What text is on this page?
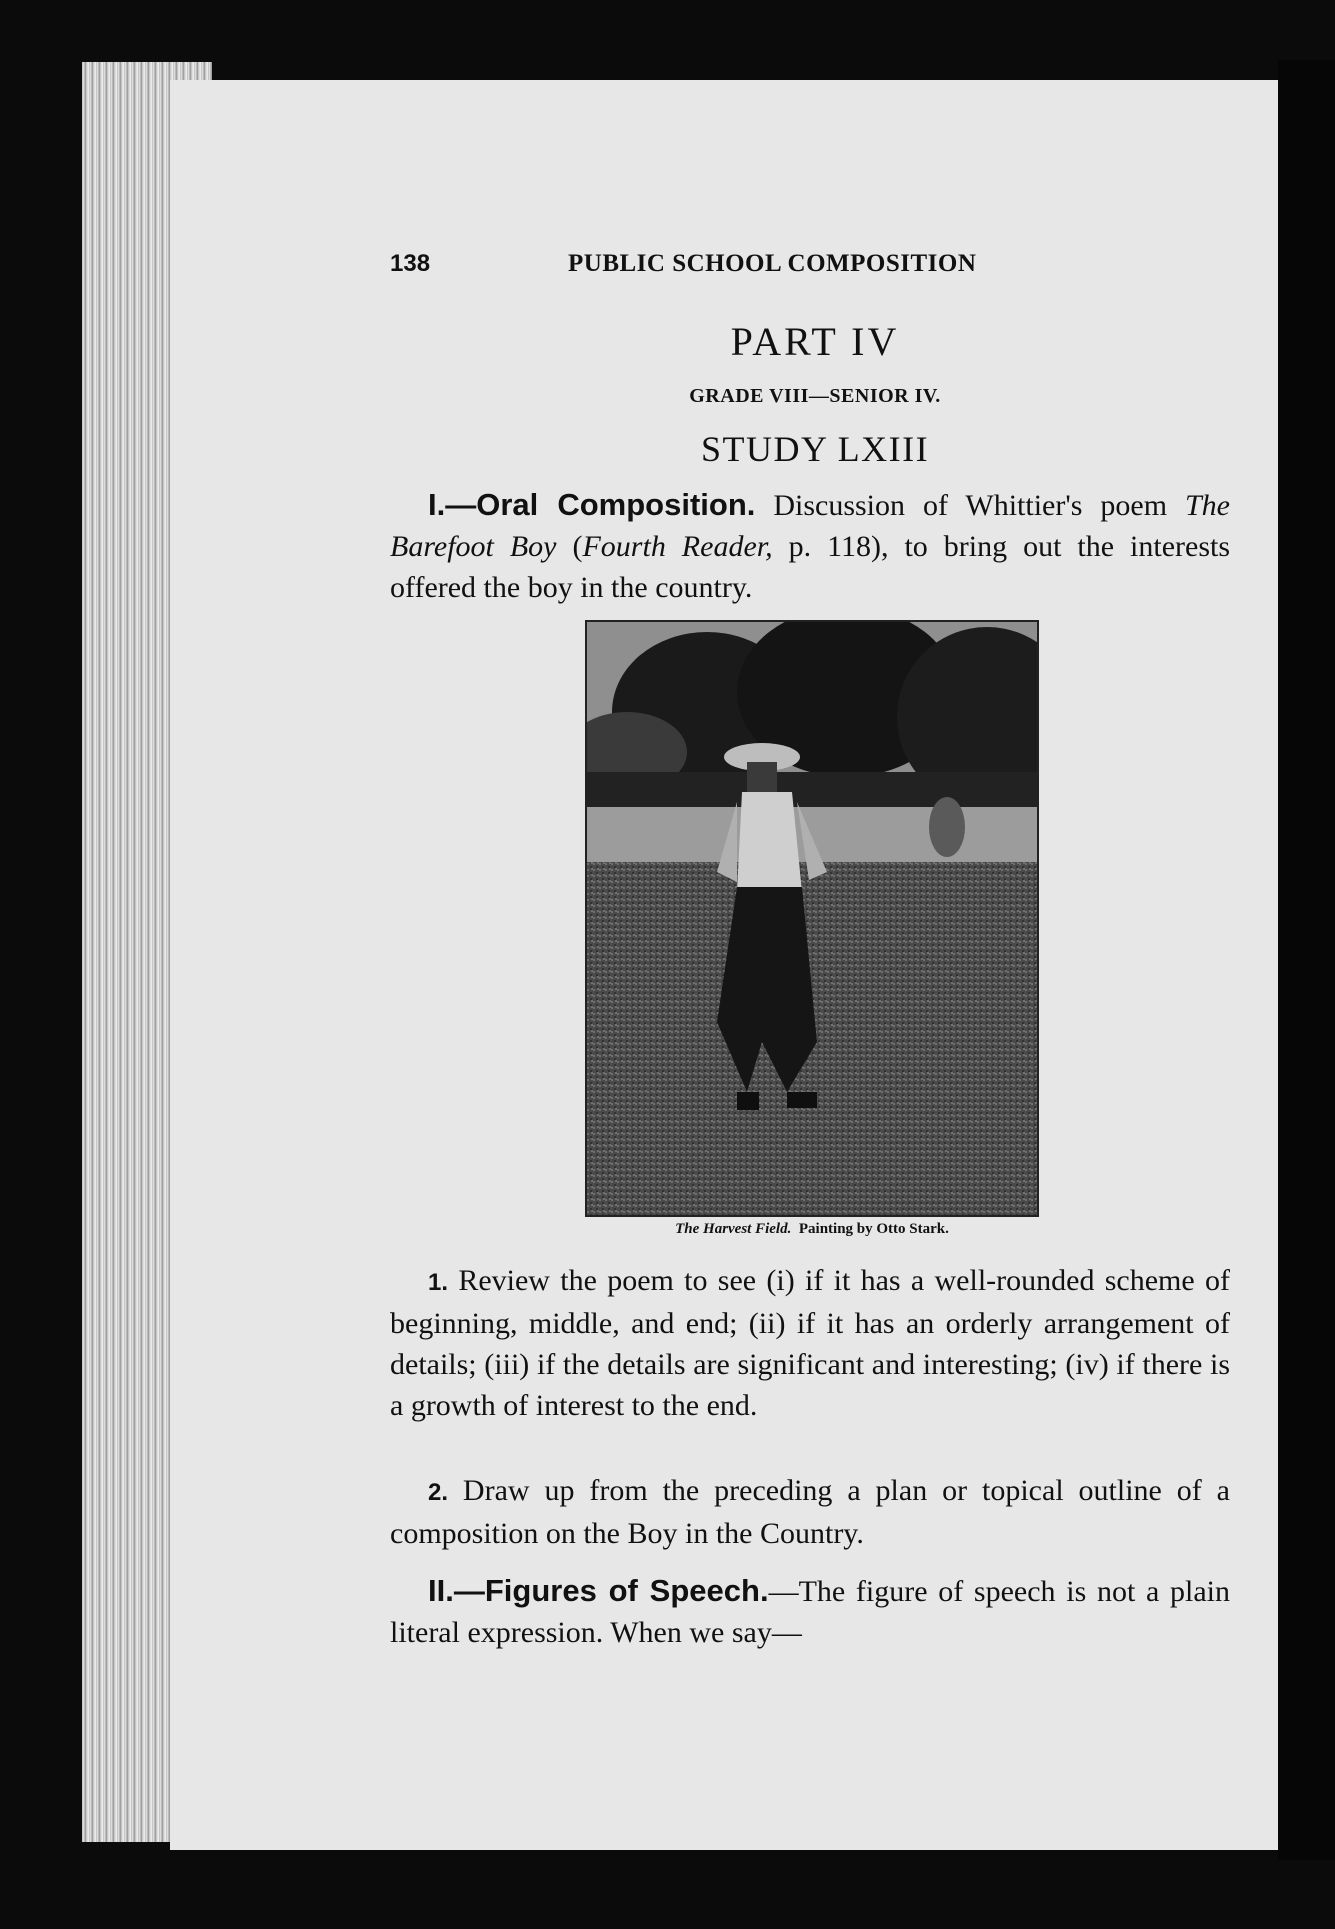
138	PUBLIC SCHOOL COMPOSITION
PART IV
GRADE VIII—SENIOR IV.
STUDY LXIII

I.—Oral Composition. Discussion of Whittier's poem The Barefoot Boy (Fourth Reader, p. 118), to bring out the interests offered the boy in the country.

The Harvest Field. Painting by Otto Stark.

1. Review the poem to see (i) if it has a well-rounded scheme of beginning, middle, and end; (ii) if it has an orderly arrangement of details; (iii) if the details are significant and interesting; (iv) if there is a growth of interest to the end.

2. Draw up from the preceding a plan or topical outline of a composition on the Boy in the Country.

II.—Figures of Speech.—The figure of speech is not a plain literal expression. When we say—
